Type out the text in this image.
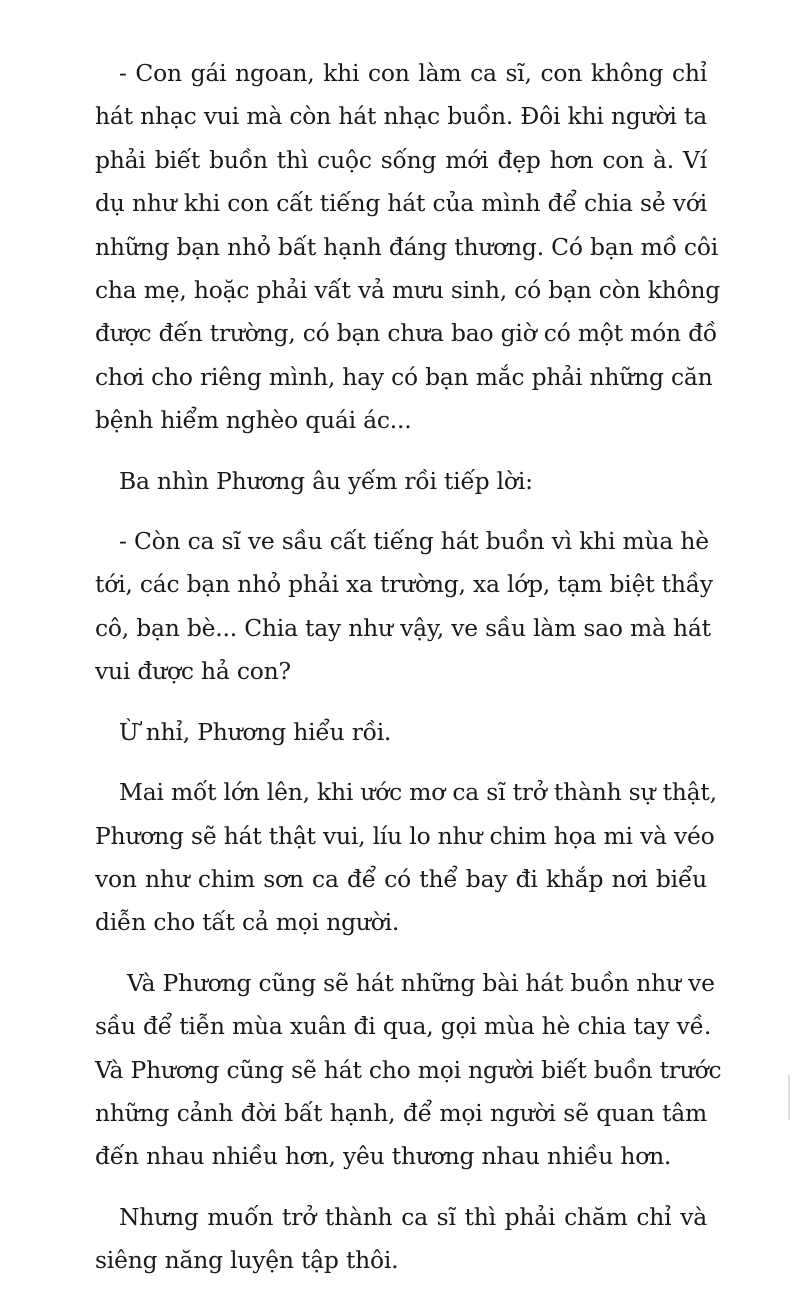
- Con gái ngoan, khi con làm ca sĩ, con không chỉ
hát nhạc vui mà còn hát nhạc buồn. Đôi khi người ta
phải biết buồn thì cuộc sống mới đẹp hơn con à. Ví
dụ như khi con cất tiếng hát của mình để chia sẻ với
những bạn nhỏ bất hạnh đáng thương. Có bạn mồ côi
cha mẹ, hoặc phải vất vả mưu sinh, có bạn còn không
được đến trường, có bạn chưa bao giờ có một món đồ
chơi cho riêng mình, hay có bạn mắc phải những căn
bệnh hiểm nghèo quái ác...

Ba nhìn Phương âu yếm rồi tiếp lời:

- Còn ca sĩ ve sầu cất tiếng hát buồn vì khi mùa hè
tới, các bạn nhỏ phải xa trường, xa lớp, tạm biệt thầy
cô, bạn bè... Chia tay như vậy, ve sầu làm sao mà hát
vui được hả con?

Ừ nhỉ, Phương hiểu rồi.

Mai mốt lớn lên, khi ước mơ ca sĩ trở thành sự thật,
Phương sẽ hát thật vui, líu lo như chim họa mi và véo
von như chim sơn ca để có thể bay đi khắp nơi biểu
diễn cho tất cả mọi người.

Và Phương cũng sẽ hát những bài hát buồn như ve
sầu để tiễn mùa xuân đi qua, gọi mùa hè chia tay về.
Và Phương cũng sẽ hát cho mọi người biết buồn trước
những cảnh đời bất hạnh, để mọi người sẽ quan tâm
đến nhau nhiều hơn, yêu thương nhau nhiều hơn.

Nhưng muốn trở thành ca sĩ thì phải chăm chỉ và
siêng năng luyện tập thôi.
